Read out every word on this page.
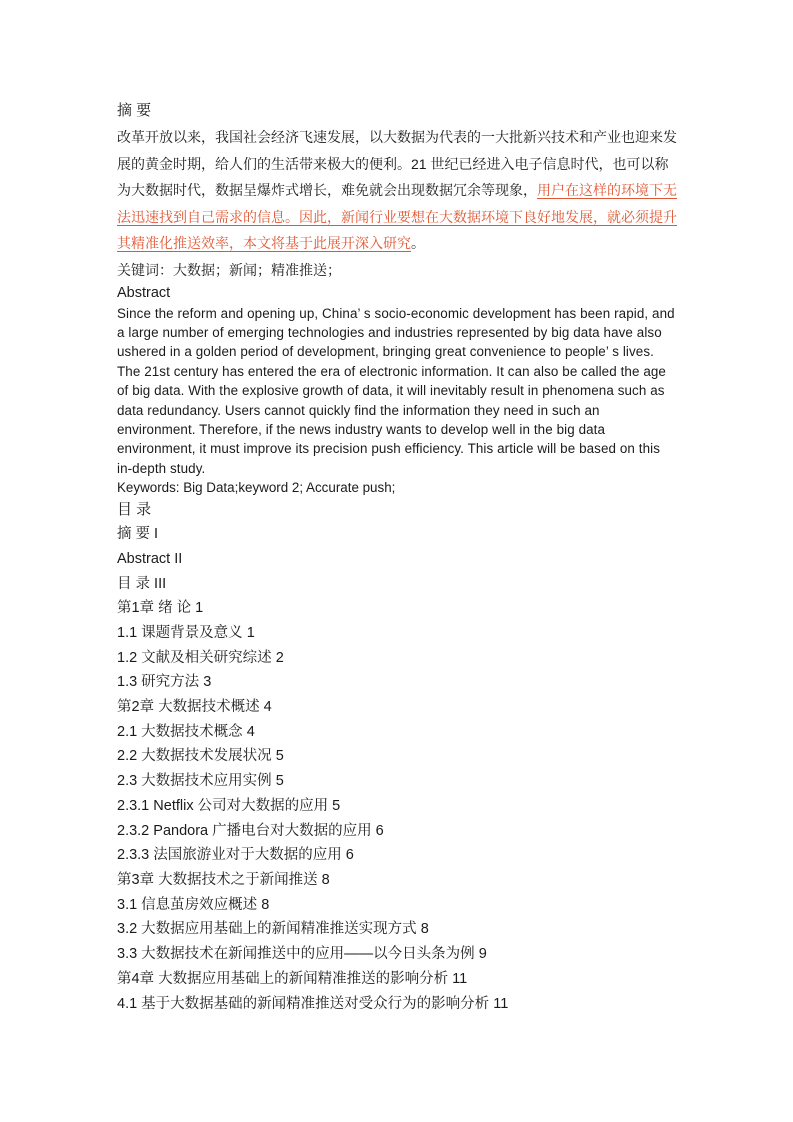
摘 要

改革开放以来，我国社会经济飞速发展，以大数据为代表的一大批新兴技术和产业也迎来发展的黄金时期，给人们的生活带来极大的便利。21 世纪已经进入电子信息时代，也可以称为大数据时代，数据呈爆炸式增长，难免就会出现数据冗余等现象，用户在这样的环境下无法迅速找到自己需求的信息。因此，新闻行业要想在大数据环境下良好地发展，就必须提升其精准化推送效率，本文将基于此展开深入研究。

关键词：大数据；新闻；精准推送；
Abstract

Since the reform and opening up, China’ s socio-economic development has been rapid, and a large number of emerging technologies and industries represented by big data have also ushered in a golden period of development, bringing great convenience to people’ s lives. The 21st century has entered the era of electronic information. It can also be called the age of big data. With the explosive growth of data, it will inevitably result in phenomena such as data redundancy. Users cannot quickly find the information they need in such an environment. Therefore, if the news industry wants to develop well in the big data environment, it must improve its precision push efficiency. This article will be based on this in-depth study.

Keywords: Big Data;keyword 2; Accurate push;
目 录
摘 要 I
Abstract II
目 录 III
第1章 绪 论 1
1.1 课题背景及意义 1
1.2 文献及相关研究综述 2
1.3 研究方法 3
第2章 大数据技术概述 4
2.1 大数据技术概念 4
2.2 大数据技术发展状况 5
2.3 大数据技术应用实例 5
2.3.1 Netflix 公司对大数据的应用 5
2.3.2 Pandora 广播电台对大数据的应用 6
2.3.3 法国旅游业对于大数据的应用 6
第3章 大数据技术之于新闻推送 8
3.1 信息茧房效应概述 8
3.2 大数据应用基础上的新闻精准推送实现方式 8
3.3 大数据技术在新闻推送中的应用——以今日头条为例 9
第4章 大数据应用基础上的新闻精准推送的影响分析 11
4.1 基于大数据基础的新闻精准推送对受众行为的影响分析 11
